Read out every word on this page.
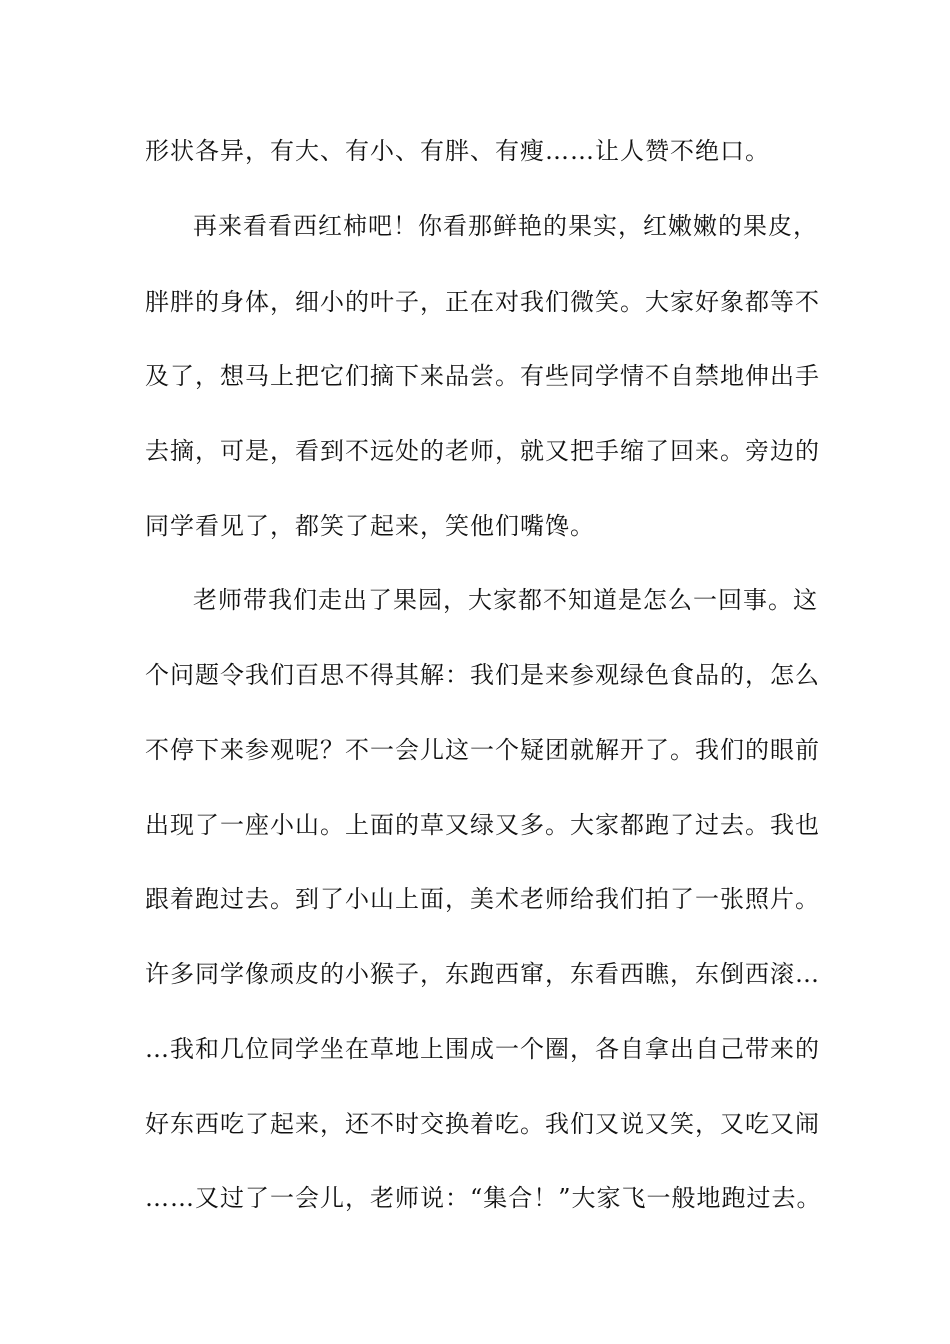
形状各异，有大、有小、有胖、有瘦……让人赞不绝口。
再来看看西红柿吧！你看那鲜艳的果实，红嫩嫩的果皮，
胖胖的身体，细小的叶子，正在对我们微笑。大家好象都等不
及了，想马上把它们摘下来品尝。有些同学情不自禁地伸出手
去摘，可是，看到不远处的老师，就又把手缩了回来。旁边的
同学看见了，都笑了起来，笑他们嘴馋。
老师带我们走出了果园，大家都不知道是怎么一回事。这
个问题令我们百思不得其解：我们是来参观绿色食品的，怎么
不停下来参观呢？不一会儿这一个疑团就解开了。我们的眼前
出现了一座小山。上面的草又绿又多。大家都跑了过去。我也
跟着跑过去。到了小山上面，美术老师给我们拍了一张照片。
许多同学像顽皮的小猴子，东跑西窜，东看西瞧，东倒西滚…
…我和几位同学坐在草地上围成一个圈，各自拿出自己带来的
好东西吃了起来，还不时交换着吃。我们又说又笑，又吃又闹
……又过了一会儿，老师说：“集合！”大家飞一般地跑过去。
